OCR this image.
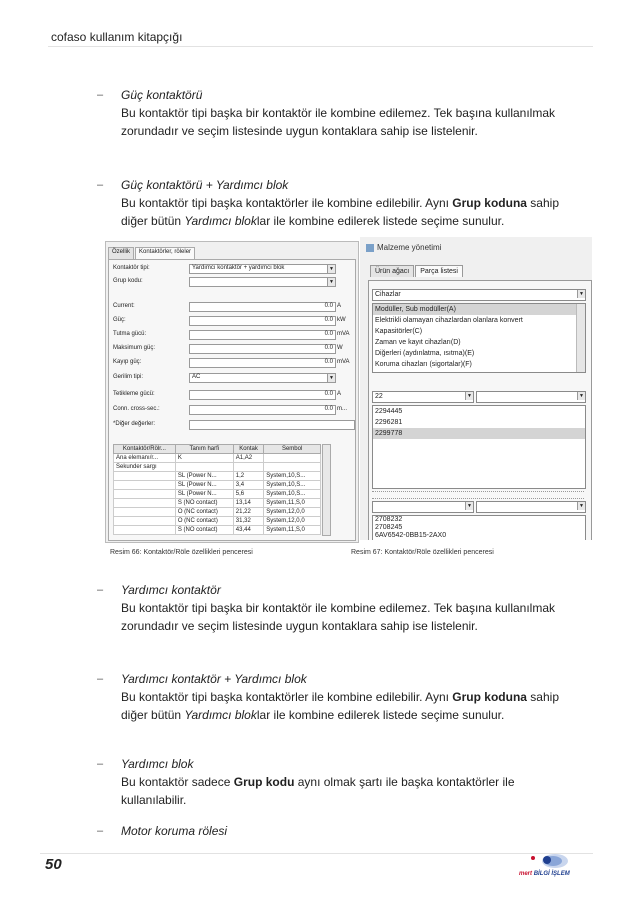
cofaso kullanım kitapçığı
– Güç kontaktörü
Bu kontaktör tipi başka bir kontaktör ile kombine edilemez. Tek başına kullanılmak zorundadır ve seçim listesinde uygun kontaklara sahip ise listelenir.
– Güç kontaktörü + Yardımcı blok
Bu kontaktör tipi başka kontaktörler ile kombine edilebilir. Aynı Grup koduna sahip diğer bütün Yardımcı bloklar ile kombine edilerek listede seçime sunulur.
Özellik	Kontaktörler, röleler
Kontaktör tipi:	Yardımcı kontaktör + yardımcı blok	▼
Grup kodu:	▼
Current:	0.0 A
Güç:	0.0 kW
Tutma gücü:	0.0 mVA
Maksimum güç:	0.0 W
Kayıp güç:	0.0 mVA
Gerilim tipi:	AC	▼
Tetikleme gücü:	0.0 A
Conn. cross-sec.:	0.0 m...
*Diğer değerler:
Kontaktör/Rölr...	Tanım harfi	Kontak	Sembol
Ana elemanı/r...	K	A1,A2	
Sekunder sargı			
	SL (Power N...	1,2	System,10,S...
	SL (Power N...	3,4	System,10,S...
	SL (Power N...	5,6	System,10,S...
	S (NO contact)	13,14	System,11,S,0
	O (NC contact)	21,22	System,12,0,0
	O (NC contact)	31,32	System,12,0,0
	S (NO contact)	43,44	System,11,S,0
Malzeme yönetimi
Ürün ağacı	Parça listesi
Cihazlar	▼
Modüller, Sub modüller(A)
Elektrikli olamayan cihazlardan olanlara konvert
Kapasitörler(C)
Zaman ve kayıt cihazları(D)
Diğerleri (aydınlatma, ısıtma)(E)
Koruma cihazları (sigortalar)(F)
22	▼	▼
2294445
2296281
2299778
▼	▼
2708232
2708245
6AV6542-0BB15-2AX0
Resim 66: Kontaktör/Röle özellikleri penceresi	Resim 67: Kontaktör/Röle özellikleri penceresi
– Yardımcı kontaktör
Bu kontaktör tipi başka bir kontaktör ile kombine edilemez. Tek başına kullanılmak zorundadır ve seçim listesinde uygun kontaklara sahip ise listelenir.
– Yardımcı kontaktör + Yardımcı blok
Bu kontaktör tipi başka kontaktörler ile kombine edilebilir. Aynı Grup koduna sahip diğer bütün Yardımcı bloklar ile kombine edilerek listede seçime sunulur.
– Yardımcı blok
Bu kontaktör sadece Grup kodu aynı olmak şartı ile başka kontaktörler ile kullanılabilir.
– Motor koruma rölesi
50
mert BİLGİ İŞLEM
